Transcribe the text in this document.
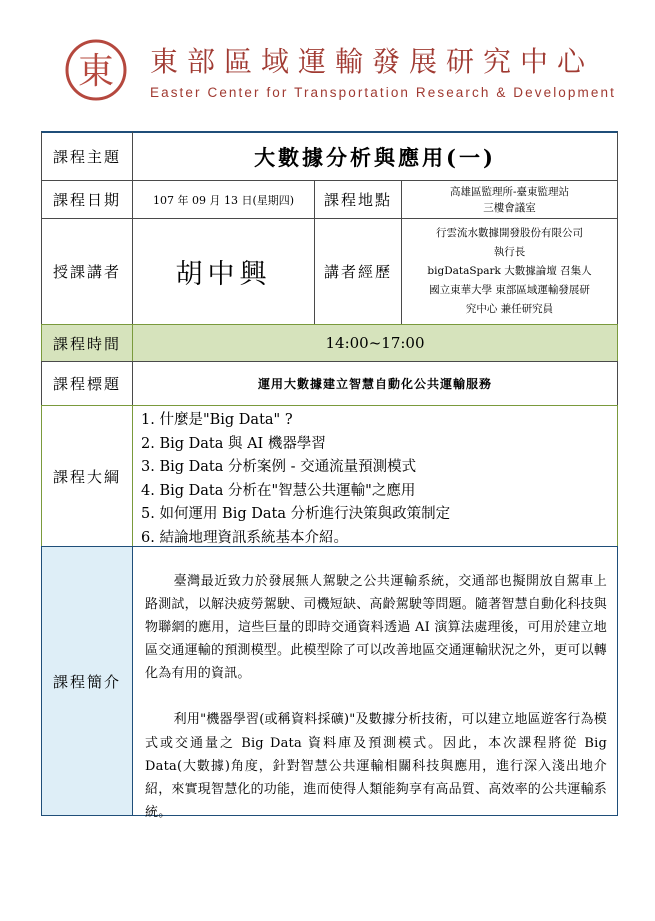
東 東部區域運輸發展研究中心
Easter Center for Transportation Research & Development
課程主題	大數據分析與應用(一)
課程日期	107 年 09 月 13 日(星期四)	課程地點	高雄區監理所-臺東監理站
三樓會議室
授課講者	胡中興	講者經歷
行雲流水數據開發股份有限公司
執行長
bigDataSpark 大數據論壇 召集人
國立東華大學 東部區域運輸發展研
究中心 兼任研究員
課程時間	14:00~17:00
課程標題	運用大數據建立智慧自動化公共運輸服務
課程大綱
1. 什麼是"Big Data" ?
2. Big Data 與 AI 機器學習
3. Big Data 分析案例 - 交通流量預測模式
4. Big Data 分析在"智慧公共運輸"之應用
5. 如何運用 Big Data 分析進行決策與政策制定
6. 結論地理資訊系統基本介紹。
課程簡介

臺灣最近致力於發展無人駕駛之公共運輸系統，交通部也擬開放自駕車上路測試，以解決疲勞駕駛、司機短缺、高齡駕駛等問題。隨著智慧自動化科技與物聯網的應用，這些巨量的即時交通資料透過 AI 演算法處理後，可用於建立地區交通運輸的預測模型。此模型除了可以改善地區交通運輸狀況之外，更可以轉化為有用的資訊。

利用"機器學習(或稱資料採礦)"及數據分析技術，可以建立地區遊客行為模式或交通量之 Big Data 資料庫及預測模式。因此，本次課程將從 Big Data(大數據)角度，針對智慧公共運輸相關科技與應用，進行深入淺出地介紹，來實現智慧化的功能，進而使得人類能夠享有高品質、高效率的公共運輸系統。
